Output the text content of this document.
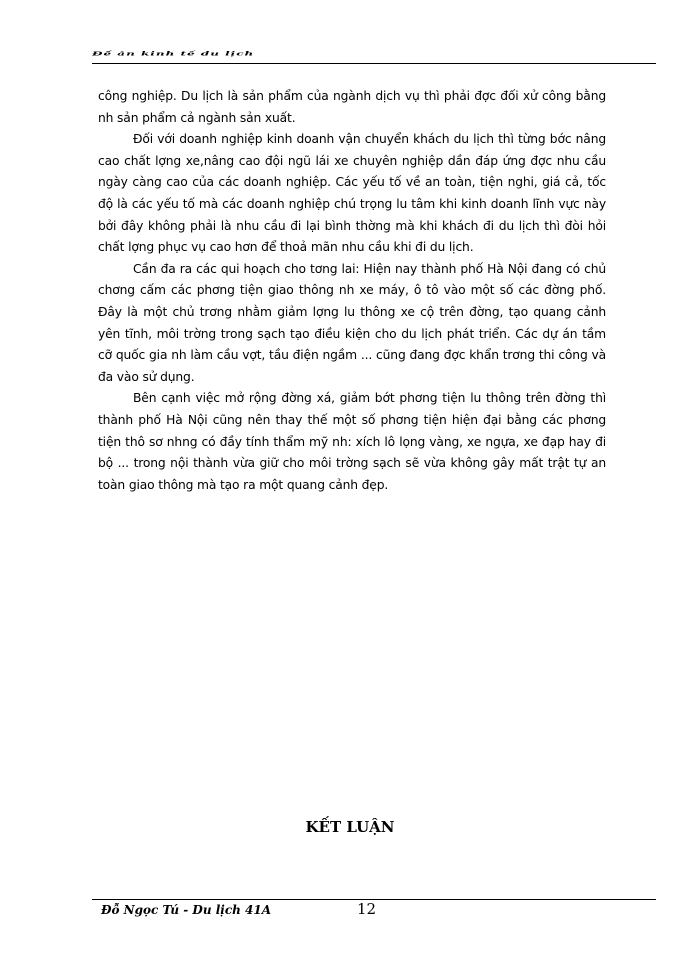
Đề án kinh tế du lịch

công nghiệp. Du lịch là sản phẩm của ngành dịch vụ thì phải đợc đối xử công bằng nh sản phẩm cả ngành sản xuất.

Đối với doanh nghiệp kinh doanh vận chuyển khách du lịch thì từng bớc nâng cao chất lợng xe,nâng cao đội ngũ lái xe chuyên nghiệp dần đáp ứng đợc nhu cầu ngày càng cao của các doanh nghiệp. Các yếu tố về an toàn, tiện nghi, giá cả, tốc độ là các yếu tố mà các doanh nghiệp chú trọng lu tâm khi kinh doanh lĩnh vực này bởi đây không phải là nhu cầu đi lại bình thờng mà khi khách đi du lịch thì đòi hỏi chất lợng phục vụ cao hơn để thoả mãn nhu cầu khi đi du lịch.

Cần đa ra các qui hoạch cho tơng lai: Hiện nay thành phố Hà Nội đang có chủ chơng cấm các phơng tiện giao thông nh xe máy, ô tô vào một số các đờng phố. Đây là một chủ trơng nhằm giảm lợng lu thông xe cộ trên đờng, tạo quang cảnh yên tĩnh, môi trờng trong sạch tạo điều kiện cho du lịch phát triển. Các dự án tầm cỡ quốc gia nh làm cầu vợt, tầu điện ngầm ... cũng đang đợc khẩn trơng thi công và đa vào sử dụng.

Bên cạnh việc mở rộng đờng xá, giảm bớt phơng tiện lu thông trên đờng thì thành phố Hà Nội cũng nên thay thế một số phơng tiện hiện đại bằng các phơng tiện thô sơ nhng có đầy tính thẩm mỹ nh: xích lô lọng vàng, xe ngựa, xe đạp hay đi bộ ... trong nội thành vừa giữ cho môi trờng sạch sẽ vừa không gây mất trật tự an toàn giao thông mà tạo ra một quang cảnh đẹp.

KẾT LUẬN
Đỗ Ngọc Tú - Du lịch 41A	12
